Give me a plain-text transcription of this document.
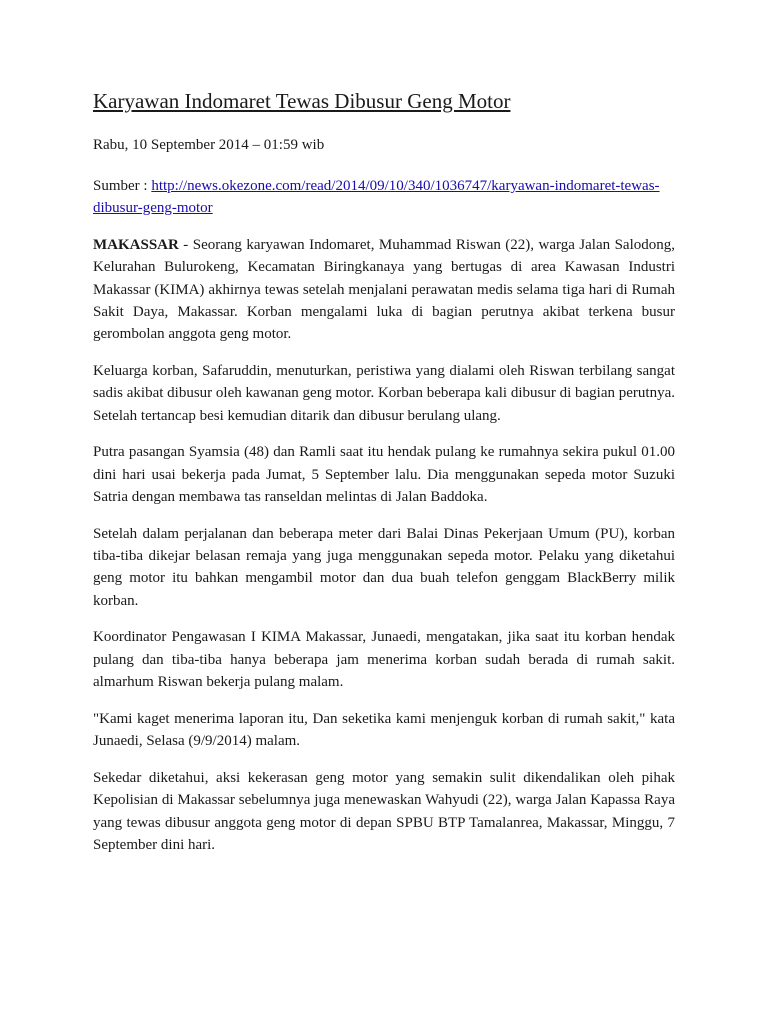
Karyawan Indomaret Tewas Dibusur Geng Motor
Rabu, 10 September 2014 – 01:59 wib
Sumber : http://news.okezone.com/read/2014/09/10/340/1036747/karyawan-indomaret-tewas-dibusur-geng-motor

MAKASSAR - Seorang karyawan Indomaret, Muhammad Riswan (22), warga Jalan Salodong, Kelurahan Bulurokeng, Kecamatan Biringkanaya yang bertugas di area Kawasan Industri Makassar (KIMA) akhirnya tewas setelah menjalani perawatan medis selama tiga hari di Rumah Sakit Daya, Makassar. Korban mengalami luka di bagian perutnya akibat terkena busur gerombolan anggota geng motor.

Keluarga korban, Safaruddin, menuturkan, peristiwa yang dialami oleh Riswan terbilang sangat sadis akibat dibusur oleh kawanan geng motor. Korban beberapa kali dibusur di bagian perutnya. Setelah tertancap besi kemudian ditarik dan dibusur berulang ulang.

Putra pasangan Syamsia (48) dan Ramli saat itu hendak pulang ke rumahnya sekira pukul 01.00 dini hari usai bekerja pada Jumat, 5 September lalu. Dia menggunakan sepeda motor Suzuki Satria dengan membawa tas ranseldan melintas di Jalan Baddoka.

Setelah dalam perjalanan dan beberapa meter dari Balai Dinas Pekerjaan Umum (PU), korban tiba-tiba dikejar belasan remaja yang juga menggunakan sepeda motor. Pelaku yang diketahui geng motor itu bahkan mengambil motor dan dua buah telefon genggam BlackBerry milik korban.

Koordinator Pengawasan I KIMA Makassar, Junaedi, mengatakan, jika saat itu korban hendak pulang dan tiba-tiba hanya beberapa jam menerima korban sudah berada di rumah sakit. almarhum Riswan bekerja pulang malam.

"Kami kaget menerima laporan itu, Dan seketika kami menjenguk korban di rumah sakit," kata Junaedi, Selasa (9/9/2014) malam.

Sekedar diketahui, aksi kekerasan geng motor yang semakin sulit dikendalikan oleh pihak Kepolisian di Makassar sebelumnya juga menewaskan Wahyudi (22), warga Jalan Kapassa Raya yang tewas dibusur anggota geng motor di depan SPBU BTP Tamalanrea, Makassar, Minggu, 7 September dini hari.
